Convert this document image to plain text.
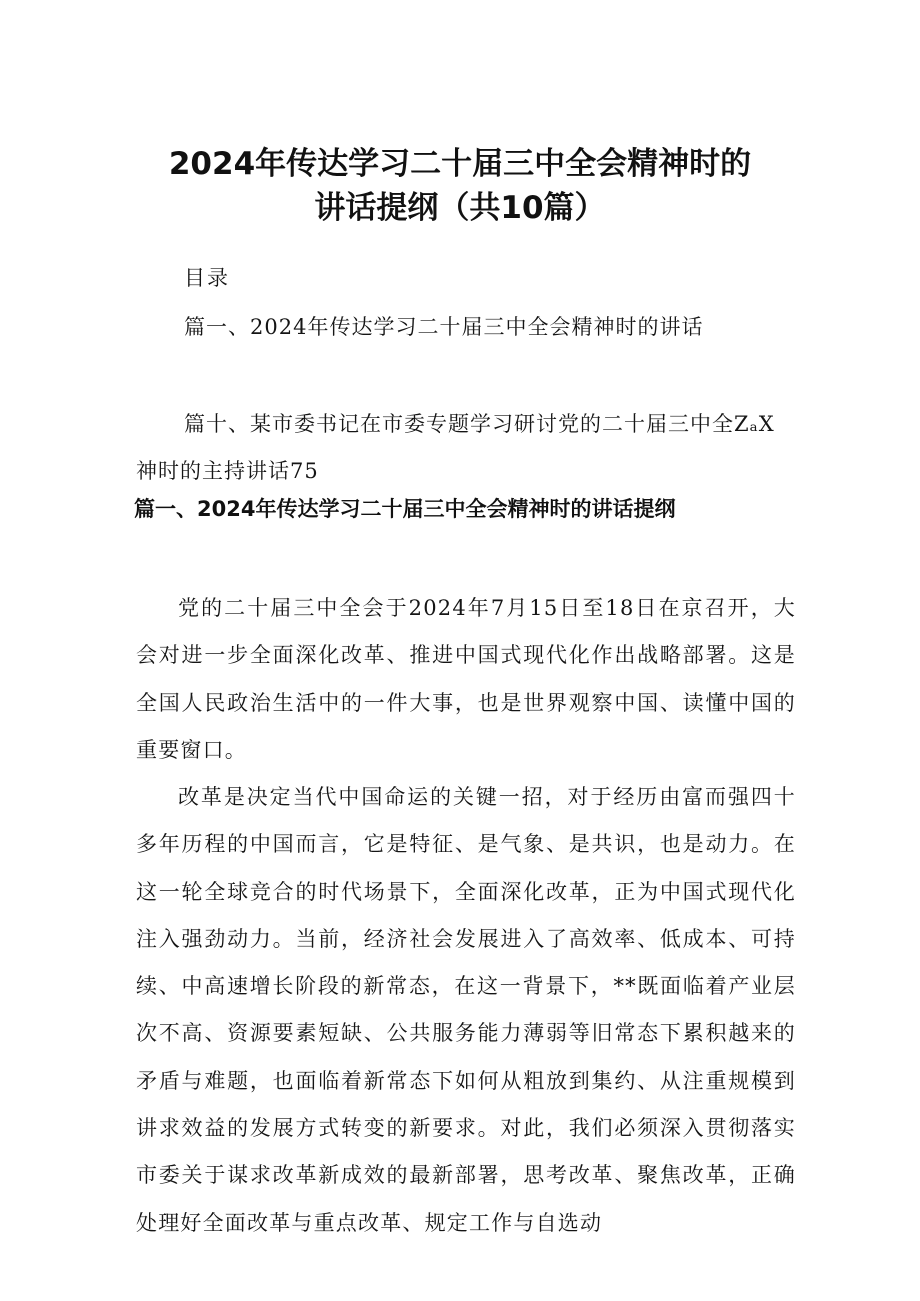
2024年传达学习二十届三中全会精神时的
讲话提纲（共10篇）
目录
篇一、2024年传达学习二十届三中全会精神时的讲话
篇十、某市委书记在市委专题学习研讨党的二十届三中全ZₐX
神时的主持讲话75
篇一、2024年传达学习二十届三中全会精神时的讲话提纲

党的二十届三中全会于2024年7月15日至18日在京召开，大会对进一步全面深化改革、推进中国式现代化作出战略部署。这是全国人民政治生活中的一件大事，也是世界观察中国、读懂中国的重要窗口。

改革是决定当代中国命运的关键一招，对于经历由富而强四十多年历程的中国而言，它是特征、是气象、是共识，也是动力。在这一轮全球竞合的时代场景下，全面深化改革，正为中国式现代化注入强劲动力。当前，经济社会发展进入了高效率、低成本、可持续、中高速增长阶段的新常态，在这一背景下，**既面临着产业层次不高、资源要素短缺、公共服务能力薄弱等旧常态下累积越来的矛盾与难题，也面临着新常态下如何从粗放到集约、从注重规模到讲求效益的发展方式转变的新要求。对此，我们必须深入贯彻落实市委关于谋求改革新成效的最新部署，思考改革、聚焦改革，正确处理好全面改革与重点改革、规定工作与自选动
